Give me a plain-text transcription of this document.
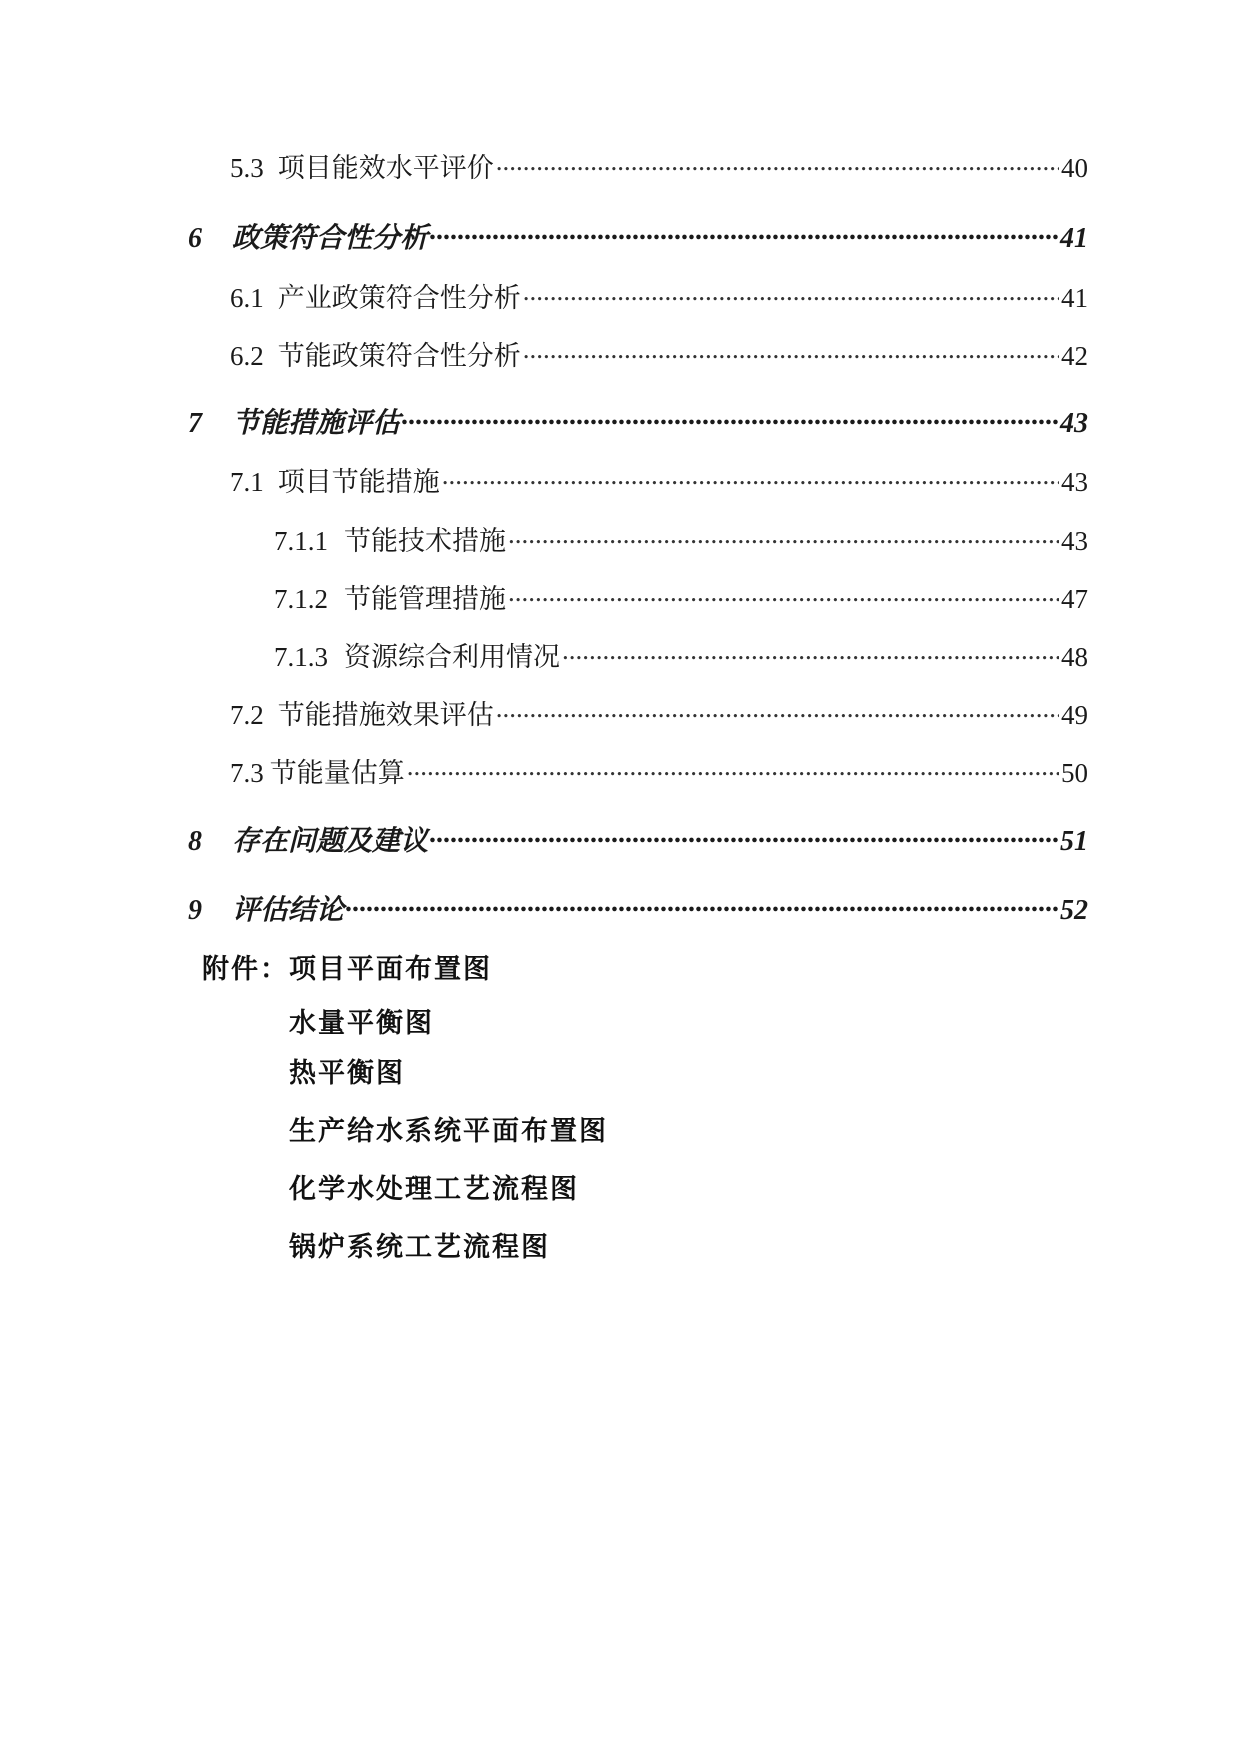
5.3 项目能效水平评价 .....	40
6	政策符合性分析 .....	41
6.1 产业政策符合性分析 .....	41
6.2 节能政策符合性分析 .....	42
7	节能措施评估 .....	43
7.1 项目节能措施 .....	43
7.1.1 节能技术措施 .....	43
7.1.2 节能管理措施 .....	47
7.1.3 资源综合利用情况 .....	48
7.2 节能措施效果评估 .....	49
7.3 节能量估算 .....	50
8	存在问题及建议 .....	51
9	评估结论 .....	52
附件： 项目平面布置图
水量平衡图
热平衡图
生产给水系统平面布置图
化学水处理工艺流程图
锅炉系统工艺流程图
